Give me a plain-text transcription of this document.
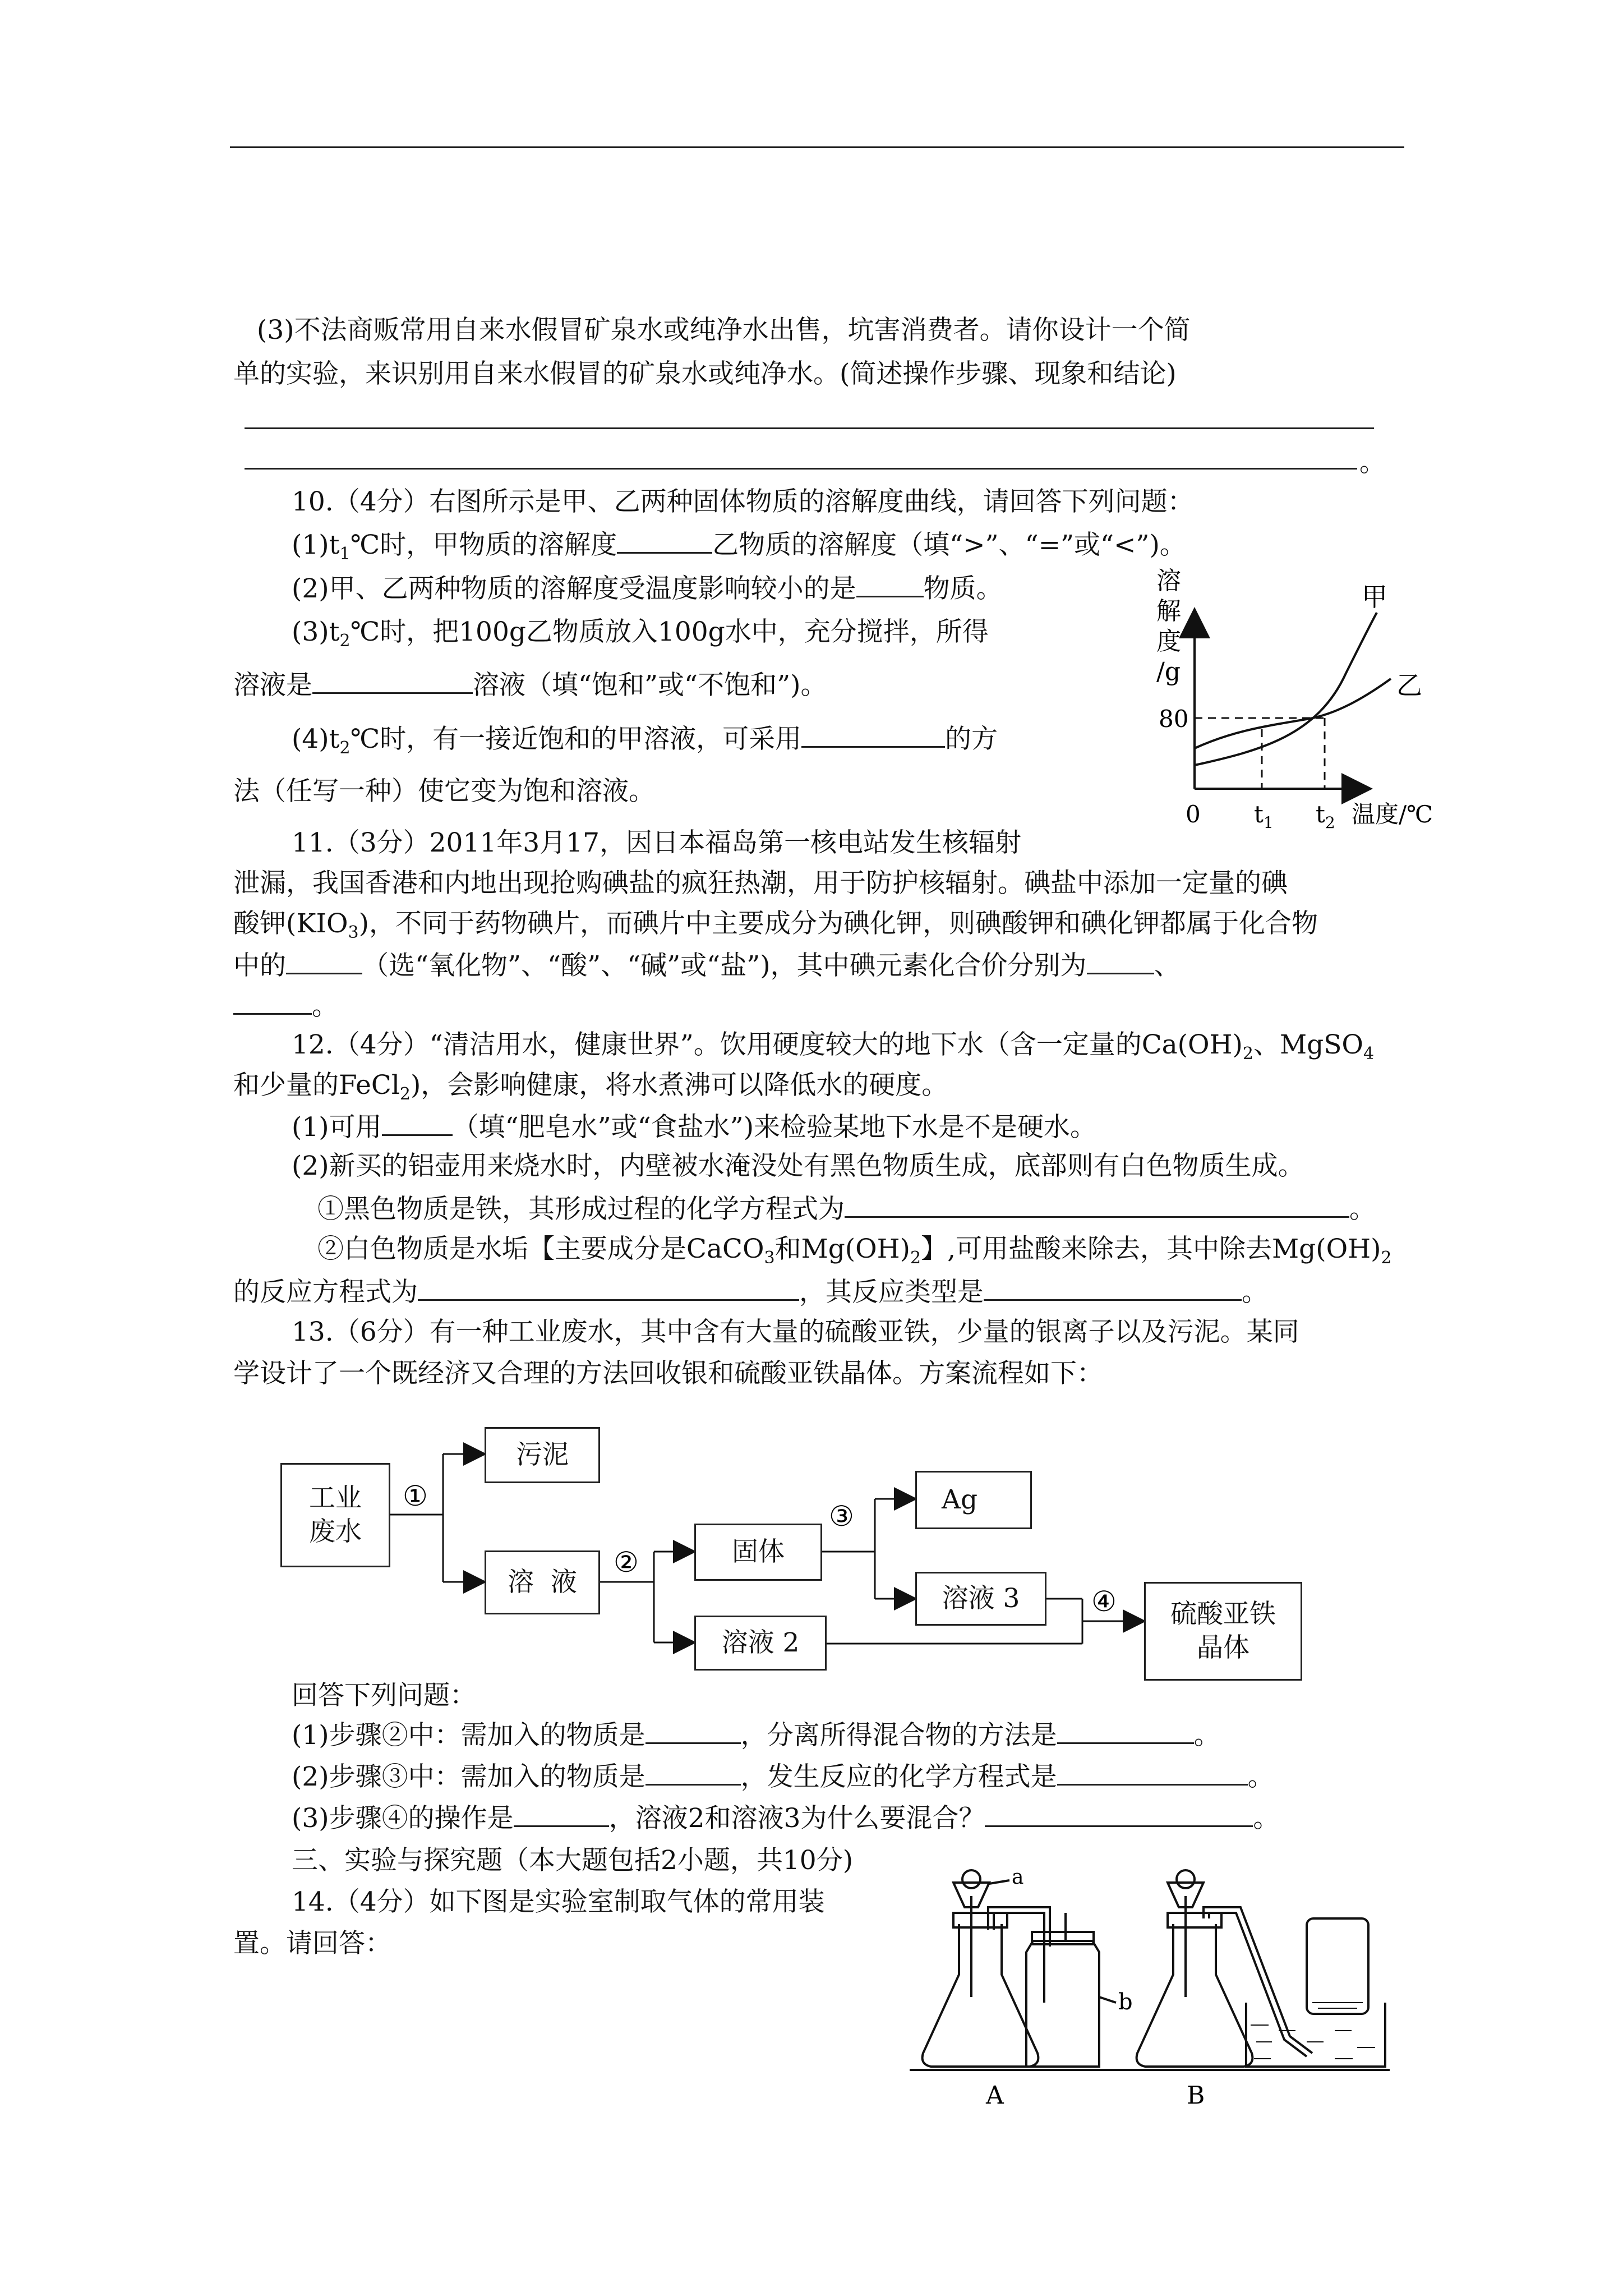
(3)不法商贩常用自来水假冒矿泉水或纯净水出售，坑害消费者。请你设计一个简
单的实验，来识别用自来水假冒的矿泉水或纯净水。(简述操作步骤、现象和结论)
。
10.（4分）右图所示是甲、乙两种固体物质的溶解度曲线，请回答下列问题：
$(1)t_1℃$时，甲物质的溶解度	乙物质的溶解度（填“>”、“=”或“<”)。
(2)甲、乙两种物质的溶解度受温度影响较小的是	物质。
$(3)t_2℃$时，把100g乙物质放入100g水中，充分搅拌，所得
溶液是	溶液（填“饱和”或“不饱和”)。
$(4)t_2℃$时，有一接近饱和的甲溶液，可采用	的方
法（任写一种）使它变为饱和溶液。
溶
解
度
/g
80
0 $t_1$ $t_2$ 温度/℃
甲
乙
11.（3分）2011年3月17，因日本福岛第一核电站发生核辐射
泄漏，我国香港和内地出现抢购碘盐的疯狂热潮，用于防护核辐射。碘盐中添加一定量的碘
酸钾$(KIO_3)$，不同于药物碘片，而碘片中主要成分为碘化钾，则碘酸钾和碘化钾都属于化合物
中的	（选“氧化物”、“酸”、“碱”或“盐”)，其中碘元素化合价分别为	、
。
12.（4分）“清洁用水，健康世界”。饮用硬度较大的地下水（含一定量的$Ca(OH)_2$、MgSO$_4$
和少量的FeCl$_2$)，会影响健康，将水煮沸可以降低水的硬度。
(1)可用	（填“肥皂水”或“食盐水”)来检验某地下水是不是硬水。
(2)新买的铝壶用来烧水时，内壁被水淹没处有黑色物质生成，底部则有白色物质生成。
①黑色物质是铁，其形成过程的化学方程式为	。
②白色物质是水垢【主要成分是CaCO$_3$和$Mg(OH)_2$】,可用盐酸来除去，其中除去$Mg(OH)_2$
的反应方程式为	，其反应类型是	。
13.（6分）有一种工业废水，其中含有大量的硫酸亚铁，少量的银离子以及污泥。某同
学设计了一个既经济又合理的方法回收银和硫酸亚铁晶体。方案流程如下：
①
②
③
④
工业
废水
污泥
溶  液
固体
溶液 2
Ag
溶液 3
硫酸亚铁
晶体
回答下列问题：
(1)步骤②中：需加入的物质是	，分离所得混合物的方法是	。
(2)步骤③中：需加入的物质是	，发生反应的化学方程式是	。
(3)步骤④的操作是	，溶液2和溶液3为什么要混合？	。
三、实验与探究题（本大题包括2小题，共10分)
14.（4分）如下图是实验室制取气体的常用装
置。请回答：
a
b
A	B
